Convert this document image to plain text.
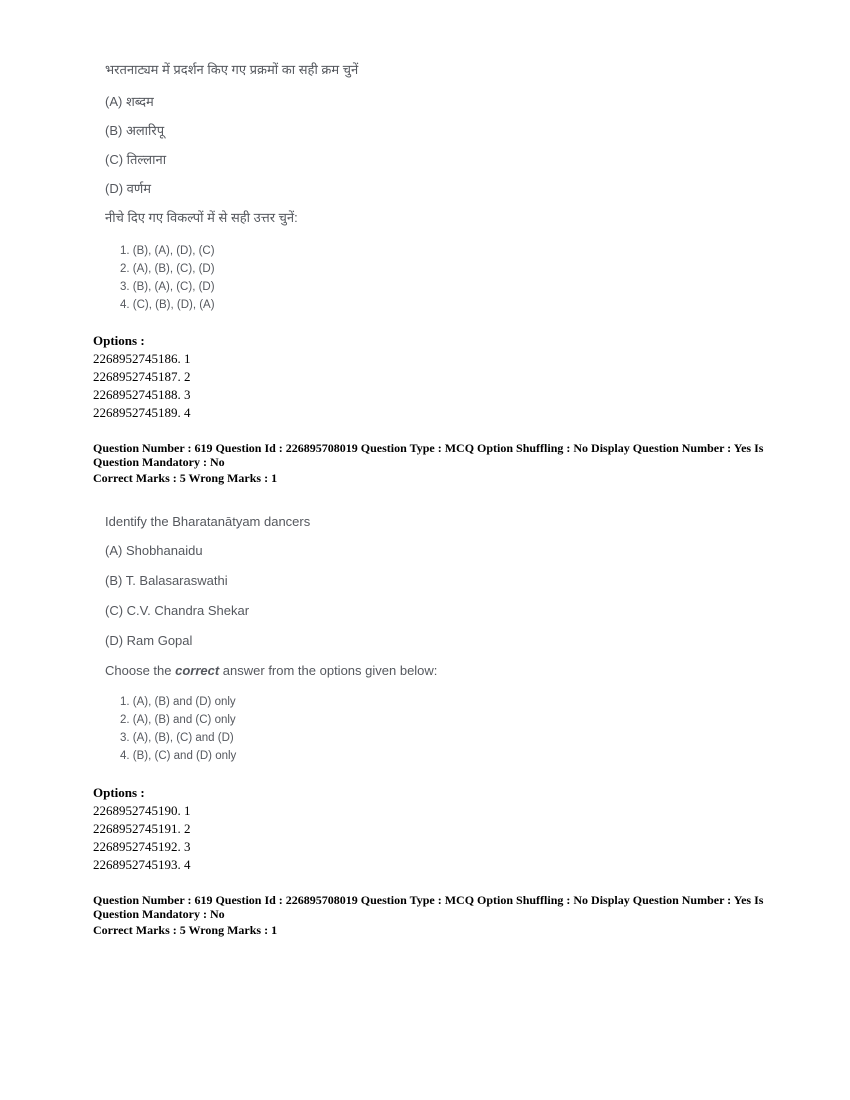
भरतनाट्यम में प्रदर्शन किए गए प्रक्रमों का सही क्रम चुनें

(A) शब्दम

(B) अलारिपू

(C) तिल्लाना

(D) वर्णम

नीचे दिए गए विकल्पों में से सही उत्तर चुनें:

1. (B), (A), (D), (C)
2. (A), (B), (C), (D)
3. (B), (A), (C), (D)
4. (C), (B), (D), (A)
Options :
2268952745186. 1
2268952745187. 2
2268952745188. 3
2268952745189. 4
Question Number : 619 Question Id : 226895708019 Question Type : MCQ Option Shuffling : No Display Question Number : Yes Is
Question Mandatory : No
Correct Marks : 5 Wrong Marks : 1

Identify the Bharatanātyam dancers

(A) Shobhanaidu

(B) T. Balasaraswathi

(C) C.V. Chandra Shekar

(D) Ram Gopal

Choose the correct answer from the options given below:

1. (A), (B) and (D) only
2. (A), (B) and (C) only
3. (A), (B), (C) and (D)
4. (B), (C) and (D) only
Options :
2268952745190. 1
2268952745191. 2
2268952745192. 3
2268952745193. 4
Question Number : 619 Question Id : 226895708019 Question Type : MCQ Option Shuffling : No Display Question Number : Yes Is
Question Mandatory : No
Correct Marks : 5 Wrong Marks : 1
